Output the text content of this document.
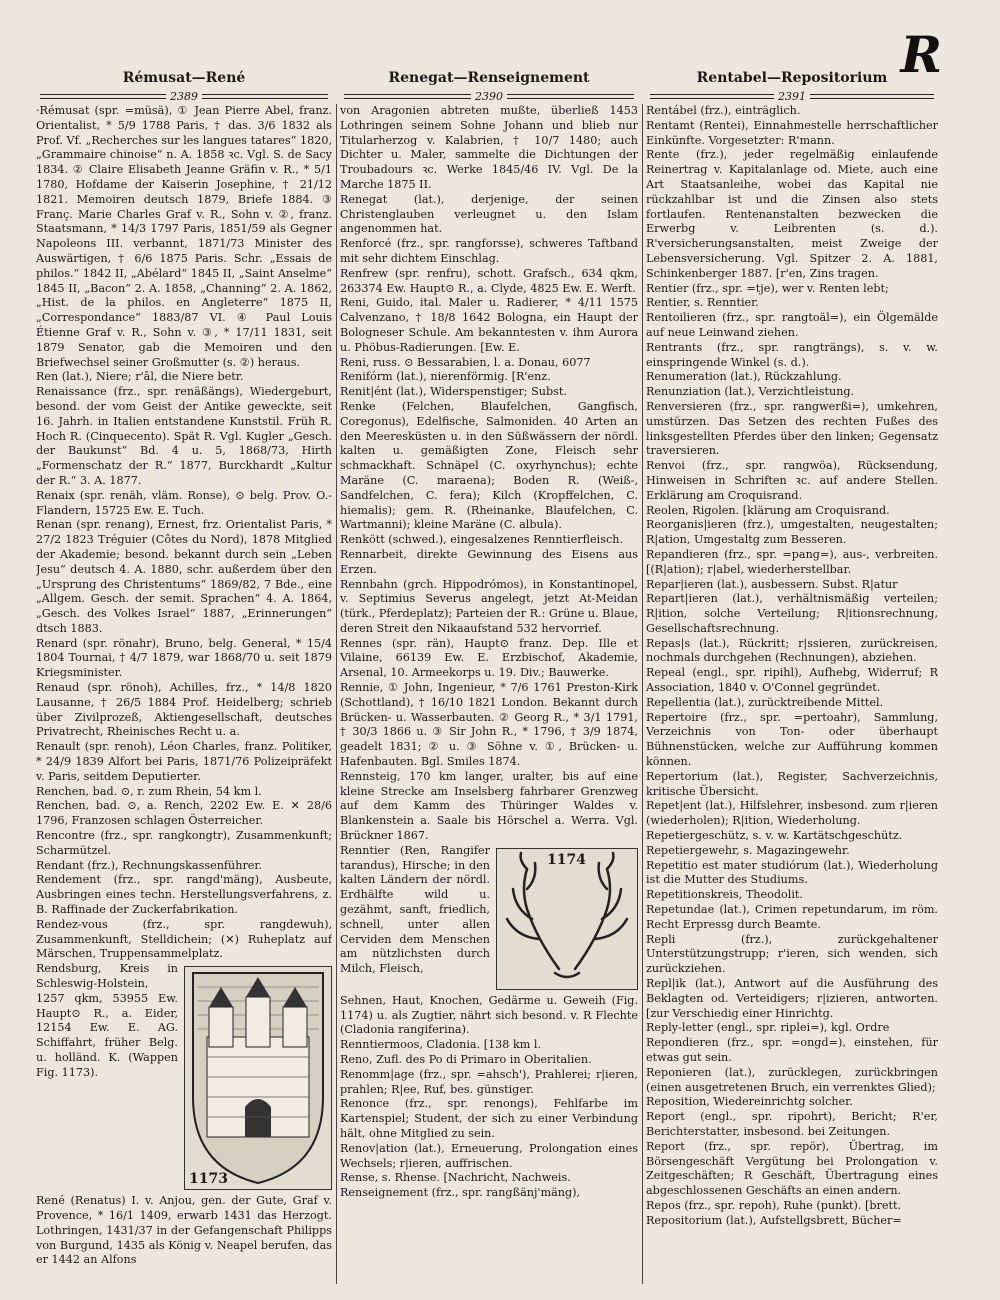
R
Rémusat—René	Renegat—Renseignement	Rentabel—Repositorium
2389	2390	2391

·Rémusat (spr. =müsä), ① Jean Pierre Abel, franz. Orientalist, * 5/9 1788 Paris, † das. 3/6 1832 als Prof. Vf. „Recherches sur les langues tatares“ 1820, „Grammaire chinoise“ n. A. 1858 ꝛc. Vgl. S. de Sacy 1834. ② Claire Elisabeth Jeanne Gräfin v. R., * 5/1 1780, Hofdame der Kaiserin Josephine, † 21/12 1821. Memoiren deutsch 1879, Briefe 1884. ③ Franç. Marie Charles Graf v. R., Sohn v. ②, franz. Staatsmann, * 14/3 1797 Paris, 1851/59 als Gegner Napoleons III. verbannt, 1871/73 Minister des Auswärtigen, † 6/6 1875 Paris. Schr. „Essais de philos.“ 1842 II, „Abélard“ 1845 II, „Saint Anselme“ 1845 II, „Bacon“ 2. A. 1858, „Channing“ 2. A. 1862, „Hist. de la philos. en Angleterre“ 1875 II, „Correspondance“ 1883/87 VI. ④ Paul Louis Étienne Graf v. R., Sohn v. ③, * 17/11 1831, seit 1879 Senator, gab die Memoiren und den Briefwechsel seiner Großmutter (s. ②) heraus.

Ren (lat.), Niere; r'āl, die Niere betr.

Renaissance (frz., spr. renäßängs), Wiedergeburt, besond. der vom Geist der Antike geweckte, seit 16. Jahrh. in Italien entstandene Kunststil. Früh R. Hoch R. (Cinquecento). Spät R. Vgl. Kugler „Gesch. der Baukunst“ Bd. 4 u. 5, 1868/73, Hirth „Formenschatz der R.“ 1877, Burckhardt „Kultur der R.“ 3. A. 1877.

Renaix (spr. renäh, vläm. Ronse), ⊙ belg. Prov. O.-Flandern, 15725 Ew. E. Tuch.

Renan (spr. renang), Ernest, frz. Orientalist Paris, * 27/2 1823 Tréguier (Côtes du Nord), 1878 Mitglied der Akademie; besond. bekannt durch sein „Leben Jesu“ deutsch 4. A. 1880, schr. außerdem über den „Ursprung des Christentums“ 1869/82, 7 Bde., eine „Allgem. Gesch. der semit. Sprachen“ 4. A. 1864, „Gesch. des Volkes Israel“ 1887, „Erinnerungen“ dtsch 1883.

Renard (spr. rönahr), Bruno, belg. General, * 15/4 1804 Tournai, † 4/7 1879, war 1868/70 u. seit 1879 Kriegsminister.

Renaud (spr. rönoh), Achilles, frz., * 14/8 1820 Lausanne, † 26/5 1884 Prof. Heidelberg; schrieb über Zivilprozeß, Aktiengesellschaft, deutsches Privatrecht, Rheinisches Recht u. a.

Renault (spr. renoh), Léon Charles, franz. Politiker, * 24/9 1839 Alfort bei Paris, 1871/76 Polizeipräfekt v. Paris, seitdem Deputierter.

Renchen, bad. ⊙, r. zum Rhein, 54 km l.

Renchen, bad. ⊙, a. Rench, 2202 Ew. E. ✕ 28/6 1796, Franzosen schlagen Österreicher.

Rencontre (frz., spr. rangkongtr), Zusammenkunft; Scharmützel.

Rendant (frz.), Rechnungskassenführer.

Rendement (frz., spr. rangd'mäng), Ausbeute, Ausbringen eines techn. Herstellungsverfahrens, z. B. Raffinade der Zuckerfabrikation.

Rendez-vous (frz., spr. rangdewuh), Zusammenkunft, Stelldichein; (✕) Ruheplatz auf Märschen, Truppensammelplatz.

1173

Rendsburg, Kreis in Schleswig-Holstein, 1257 qkm, 53955 Ew. Haupt⊙ R., a. Eider, 12154 Ew. E. AG. Schiffahrt, früher Belg. u. holländ. K. (Wappen Fig. 1173).

René (Renatus) I. v. Anjou, gen. der Gute, Graf v. Provence, * 16/1 1409, erwarb 1431 das Herzogt. Lothringen, 1431/37 in der Gefangenschaft Philipps von Burgund, 1435 als König v. Neapel berufen, das er 1442 an Alfons

von Aragonien abtreten mußte, überließ 1453 Lothringen seinem Sohne Johann und blieb nur Titularherzog v. Kalabrien, † 10/7 1480; auch Dichter u. Maler, sammelte die Dichtungen der Troubadours ꝛc. Werke 1845/46 IV. Vgl. De la Marche 1875 II.

Renegat (lat.), derjenige, der seinen Christenglauben verleugnet u. den Islam angenommen hat.

Renforcé (frz., spr. rangforsse), schweres Taftband mit sehr dichtem Einschlag.

Renfrew (spr. renfru), schott. Grafsch., 634 qkm, 263374 Ew. Haupt⊙ R., a. Clyde, 4825 Ew. E. Werft.

Reni, Guido, ital. Maler u. Radierer, * 4/11 1575 Calvenzano, † 18/8 1642 Bologna, ein Haupt der Bologneser Schule. Am bekanntesten v. ihm Aurora u. Phöbus-Radierungen. [Ew. E.

Reni, russ. ⊙ Bessarabien, l. a. Donau, 6077

Renifórm (lat.), nierenförmig. [R'enz.

Renit|ént (lat.), Widerspenstiger; Subst.

Renke (Felchen, Blaufelchen, Gangfisch, Coregonus), Edelfische, Salmoniden. 40 Arten an den Meeresküsten u. in den Süßwässern der nördl. kalten u. gemäßigten Zone, Fleisch sehr schmackhaft. Schnäpel (C. oxyrhynchus); echte Maräne (C. maraena); Boden R. (Weiß-, Sandfelchen, C. fera); Kilch (Kropffelchen, C. hiemalis); gem. R. (Rheinanke, Blaufelchen, C. Wartmanni); kleine Maräne (C. albula).

Renkött (schwed.), eingesalzenes Renntierfleisch.

Rennarbeit, direkte Gewinnung des Eisens aus Erzen.

Rennbahn (grch. Hippodrómos), in Konstantinopel, v. Septimius Severus angelegt, jetzt At-Meidan (türk., Pferdeplatz); Parteien der R.: Grüne u. Blaue, deren Streit den Nikaaufstand 532 hervorrief.

Rennes (spr. rän), Haupt⊙ franz. Dep. Ille et Vilaine, 66139 Ew. E. Erzbischof, Akademie, Arsenal, 10. Armeekorps u. 19. Div.; Bauwerke.

Rennie, ① John, Ingenieur, * 7/6 1761 Preston-Kirk (Schottland), † 16/10 1821 London. Bekannt durch Brücken- u. Wasserbauten. ② Georg R., * 3/1 1791, † 30/3 1866 u. ③ Sir John R., * 1796, † 3/9 1874, geadelt 1831; ② u. ③ Söhne v. ①, Brücken- u. Hafenbauten. Bgl. Smiles 1874.

Rennsteig, 170 km langer, uralter, bis auf eine kleine Strecke am Inselsberg fahrbarer Grenzweg auf dem Kamm des Thüringer Waldes v. Blankenstein a. Saale bis Hörschel a. Werra. Vgl. Brückner 1867.

1174

Renntier (Ren, Rangifer tarandus), Hirsche; in den kalten Ländern der nördl. Erdhälfte wild u. gezähmt, sanft, friedlich, schnell, unter allen Cerviden dem Menschen am nützlichsten durch Milch, Fleisch,

Sehnen, Haut, Knochen, Gedärme u. Geweih (Fig. 1174) u. als Zugtier, nährt sich besond. v. R Flechte (Cladonia rangiferina).

Renntiermoos, Cladonia. [138 km l.

Reno, Zufl. des Po di Primaro in Oberitalien.

Renomm|age (frz., spr. =ahsch'), Prahlerei; r|ieren, prahlen; R|ee, Ruf, bes. günstiger.

Renonce (frz., spr. renongs), Fehlfarbe im Kartenspiel; Student, der sich zu einer Verbindung hält, ohne Mitglied zu sein.

Renov|ation (lat.), Erneuerung, Prolongation eines Wechsels; r|ieren, auffrischen.

Rense, s. Rhense. [Nachricht, Nachweis.

Renseignement (frz., spr. rangßänj'mäng),

Rentábel (frz.), einträglich.

Rentamt (Rentei), Einnahmestelle herrschaftlicher Einkünfte. Vorgesetzter: R'mann.

Rente (frz.), jeder regelmäßig einlaufende Reinertrag v. Kapitalanlage od. Miete, auch eine Art Staatsanleihe, wobei das Kapital nie rückzahlbar ist und die Zinsen also stets fortlaufen. Rentenanstalten bezwecken die Erwerbg v. Leibrenten (s. d.). R'versicherungsanstalten, meist Zweige der Lebensversicherung. Vgl. Spitzer 2. A. 1881, Schinkenberger 1887. [r'en, Zins tragen.

Rentier (frz., spr. =tje), wer v. Renten lebt;

Rentier, s. Renntier.

Rentoilieren (frz., spr. rangtoäl=), ein Ölgemälde auf neue Leinwand ziehen.

Rentrants (frz., spr. rangträngs), s. v. w. einspringende Winkel (s. d.).

Renumeration (lat.), Rückzahlung.

Renunziation (lat.), Verzichtleistung.

Renversieren (frz., spr. rangwerßi=), umkehren, umstürzen. Das Setzen des rechten Fußes des linksgestellten Pferdes über den linken; Gegensatz traversieren.

Renvoi (frz., spr. rangwöa), Rücksendung, Hinweisen in Schriften ꝛc. auf andere Stellen. Erklärung am Croquisrand.

Reolen, Rigolen. [klärung am Croquisrand.

Reorganis|ieren (frz.), umgestalten, neugestalten; R|ation, Umgestaltg zum Besseren.

Repandieren (frz., spr. =pang=), aus-, verbreiten. [(R|ation); r|abel, wiederherstellbar.

Repar|ieren (lat.), ausbessern. Subst. R|atur

Repart|ieren (lat.), verhältnismäßig verteilen; R|ition, solche Verteilung; R|itionsrechnung, Gesellschaftsrechnung.

Repas|s (lat.), Rückritt; r|ssieren, zurückreisen, nochmals durchgehen (Rechnungen), abziehen.

Repeal (engl., spr. ripihl), Aufhebg, Widerruf; R Association, 1840 v. O'Connel gegründet.

Repellentia (lat.), zurücktreibende Mittel.

Repertoire (frz., spr. =pertoahr), Sammlung, Verzeichnis von Ton- oder überhaupt Bühnenstücken, welche zur Aufführung kommen können.

Repertorium (lat.), Register, Sachverzeichnis, kritische Übersicht.

Repet|ent (lat.), Hilfslehrer, insbesond. zum r|ieren (wiederholen); R|ition, Wiederholung.

Repetiergeschütz, s. v. w. Kartätschgeschütz.

Repetiergewehr, s. Magazingewehr.

Repetitio est mater studiórum (lat.), Wiederholung ist die Mutter des Studiums.

Repetitionskreis, Theodolit.

Repetundae (lat.), Crimen repetundarum, im röm. Recht Erpressg durch Beamte.

Repli (frz.), zurückgehaltener Unterstützungstrupp; r'ieren, sich wenden, sich zurückziehen.

Repl|ik (lat.), Antwort auf die Ausführung des Beklagten od. Verteidigers; r|izieren, antworten. [zur Verschiedig einer Hinrichtg.

Reply-letter (engl., spr. riplei=), kgl. Ordre

Repondieren (frz., spr. =ongd=), einstehen, für etwas gut sein.

Reponieren (lat.), zurücklegen, zurückbringen (einen ausgetretenen Bruch, ein verrenktes Glied);

Reposition, Wiedereinrichtg solcher.

Report (engl., spr. ripohrt), Bericht; R'er, Berichterstatter, insbesond. bei Zeitungen.

Report (frz., spr. repör), Übertrag, im Börsengeschäft Vergütung bei Prolongation v. Zeitgeschäften; R Geschäft, Übertragung eines abgeschlossenen Geschäfts an einen andern.

Repos (frz., spr. repoh), Ruhe (punkt). [brett.

Repositorium (lat.), Aufstellgsbrett, Bücher=
